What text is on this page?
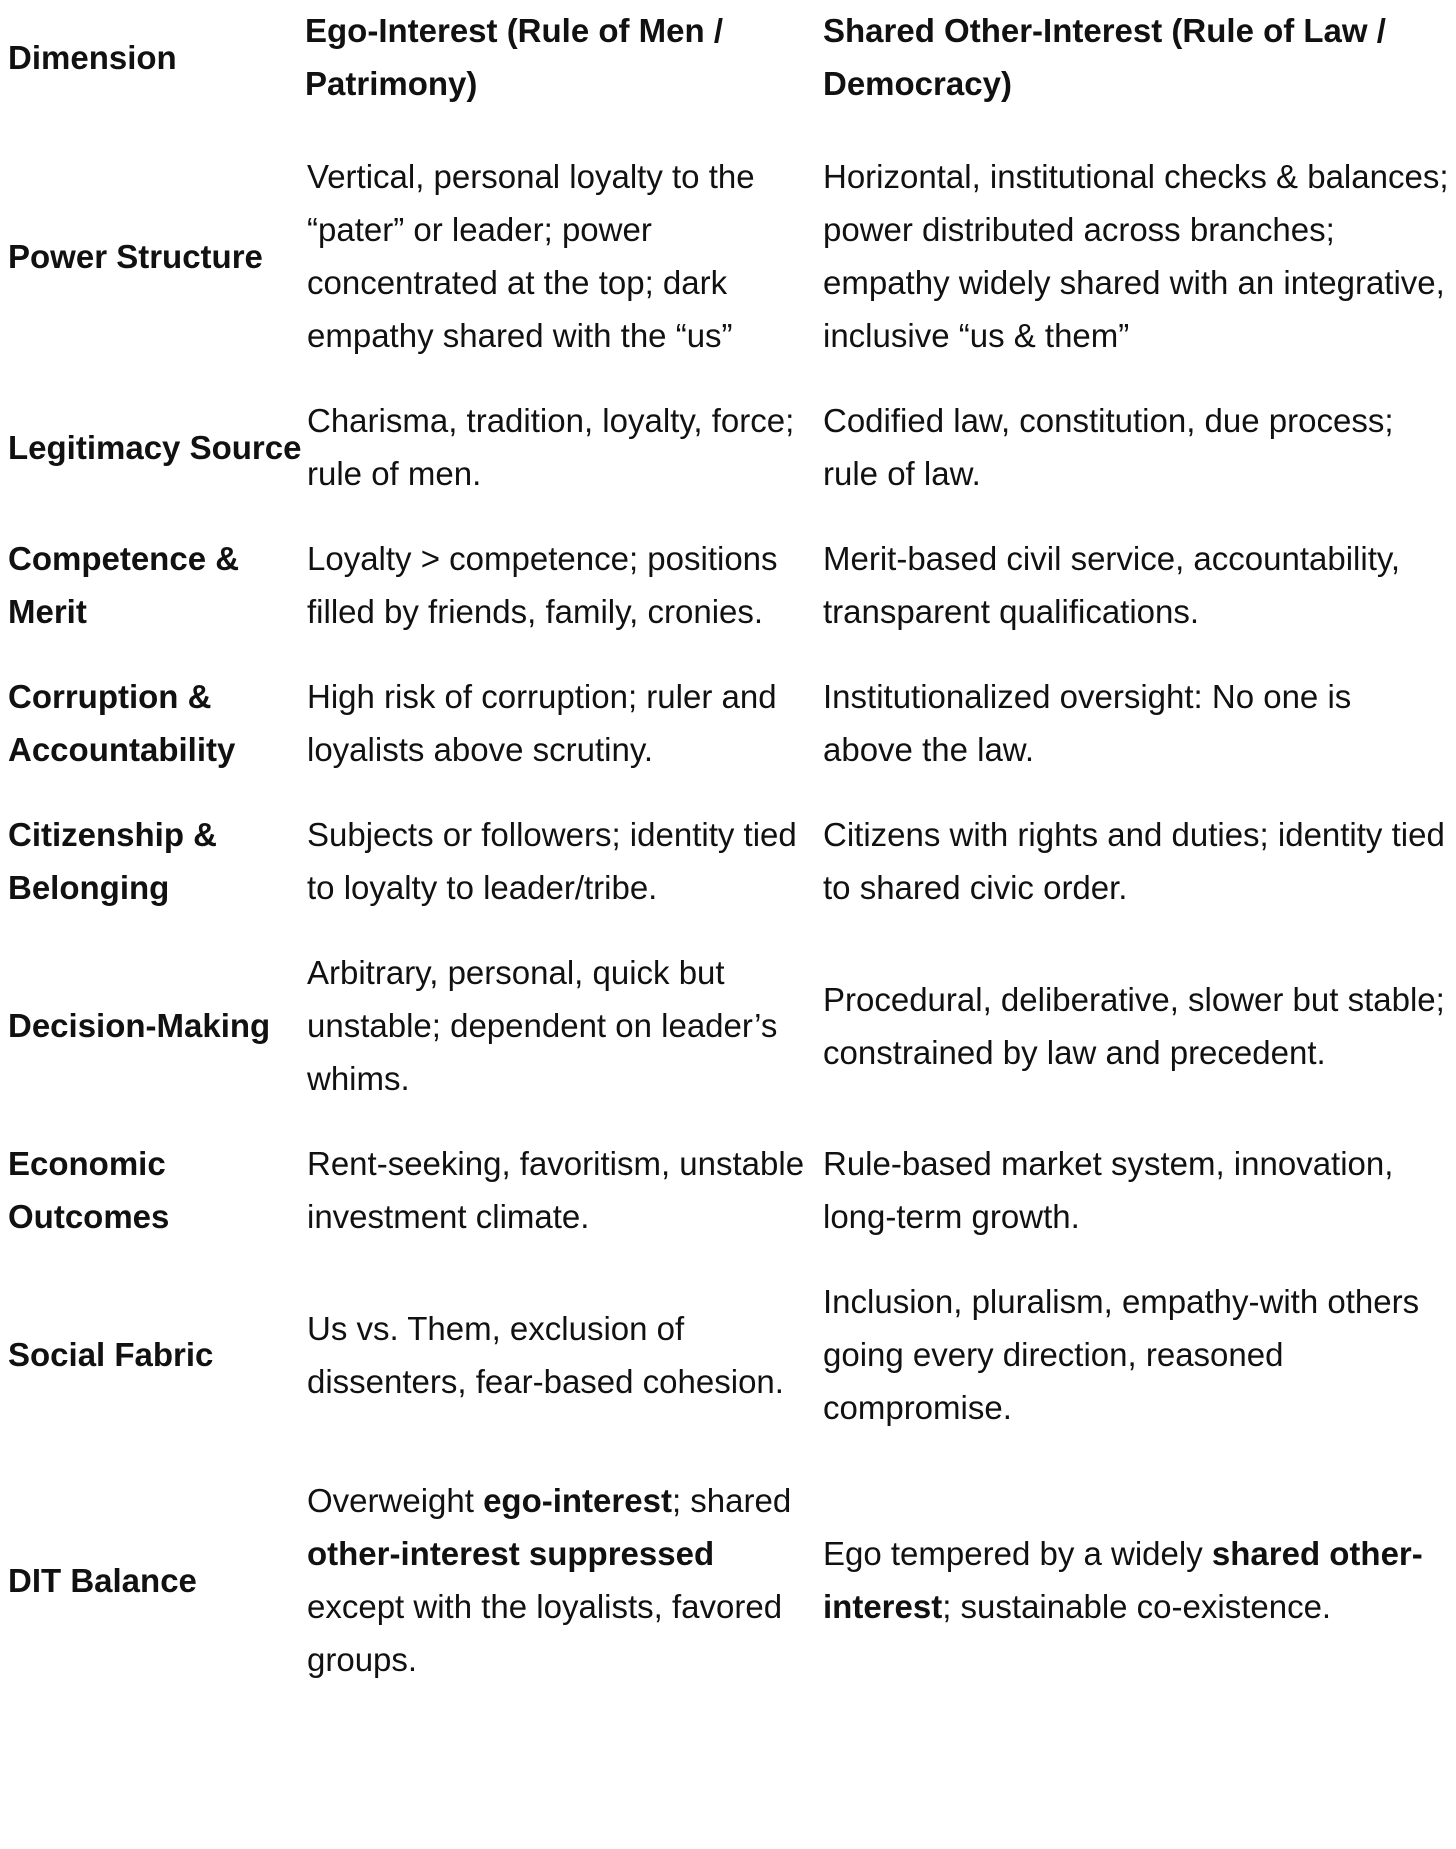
Dimension	Ego-Interest (Rule of Men / Patrimony)	Shared Other-Interest (Rule of Law / Democracy)
Power Structure	Vertical, personal loyalty to the “pater” or leader; power concentrated at the top; dark empathy shared with the “us”	Horizontal, institutional checks & balances; power distributed across branches; empathy widely shared with an integrative, inclusive “us & them”
Legitimacy Source	Charisma, tradition, loyalty, force; rule of men.	Codified law, constitution, due process; rule of law.
Competence & Merit	Loyalty > competence; positions filled by friends, family, cronies.	Merit-based civil service, accountability, transparent qualifications.
Corruption & Accountability	High risk of corruption; ruler and loyalists above scrutiny.	Institutionalized oversight: No one is above the law.
Citizenship & Belonging	Subjects or followers; identity tied to loyalty to leader/tribe.	Citizens with rights and duties; identity tied to shared civic order.
Decision-Making	Arbitrary, personal, quick but unstable; dependent on leader’s whims.	Procedural, deliberative, slower but stable; constrained by law and precedent.
Economic Outcomes	Rent-seeking, favoritism, unstable investment climate.	Rule-based market system, innovation, long-term growth.
Social Fabric	Us vs. Them, exclusion of dissenters, fear-based cohesion.	Inclusion, pluralism, empathy-with others going every direction, reasoned compromise.
DIT Balance	Overweight ego-interest; shared other-interest suppressed except with the loyalists, favored groups.	Ego tempered by a widely shared other-interest; sustainable co-existence.
